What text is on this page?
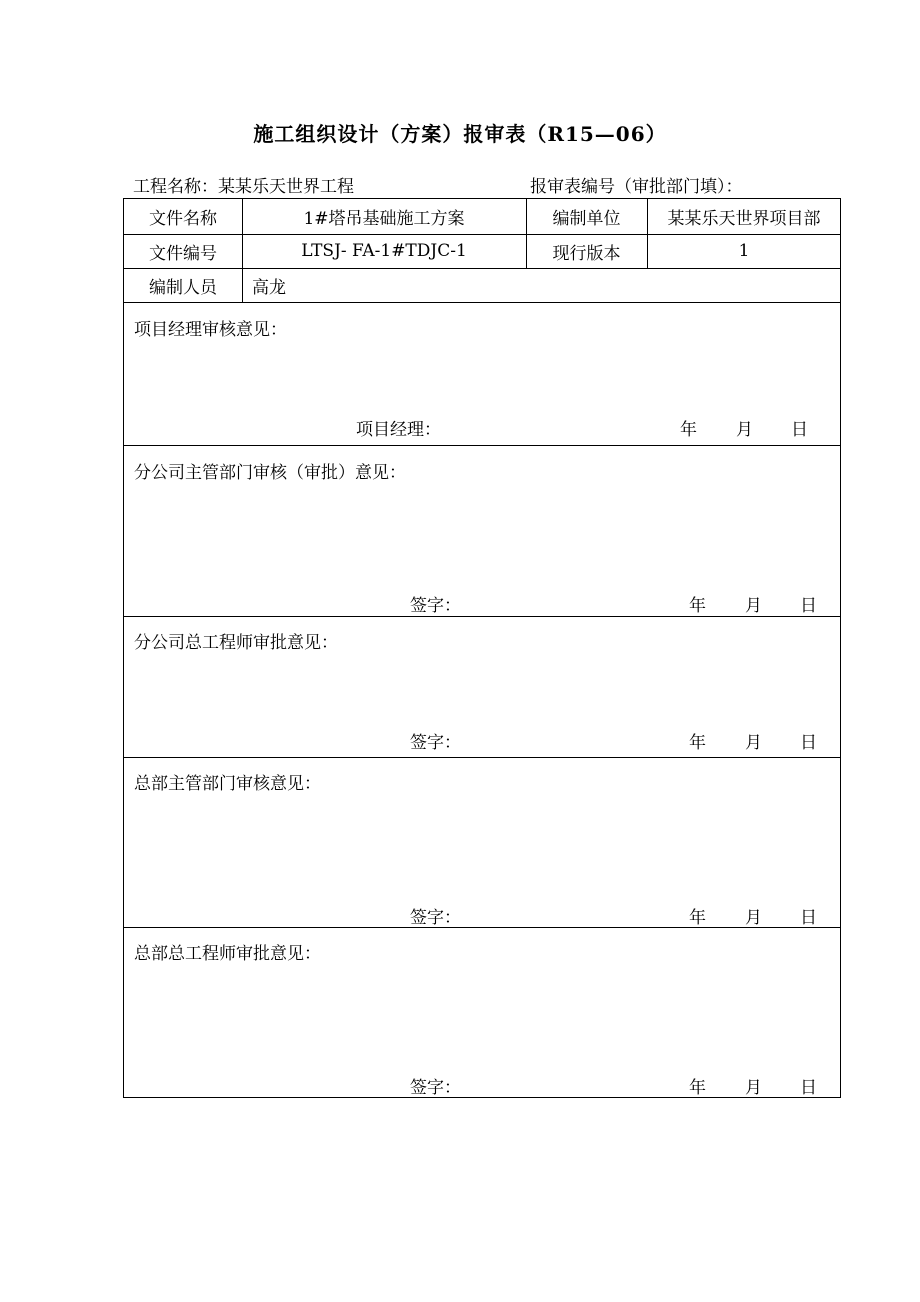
施工组织设计（方案）报审表（R15—06）
工程名称：某某乐天世界工程	报审表编号（审批部门填）：
文件名称	1#塔吊基础施工方案	编制单位	某某乐天世界项目部
文件编号	LTSJ- FA-1#TDJC-1	现行版本	1
编制人员	高龙
项目经理审核意见：
项目经理：	年 月 日
分公司主管部门审核（审批）意见：
签字：	年 月 日
分公司总工程师审批意见：
签字：	年 月 日
总部主管部门审核意见：
签字：	年 月 日
总部总工程师审批意见：
签字：	年 月 日
